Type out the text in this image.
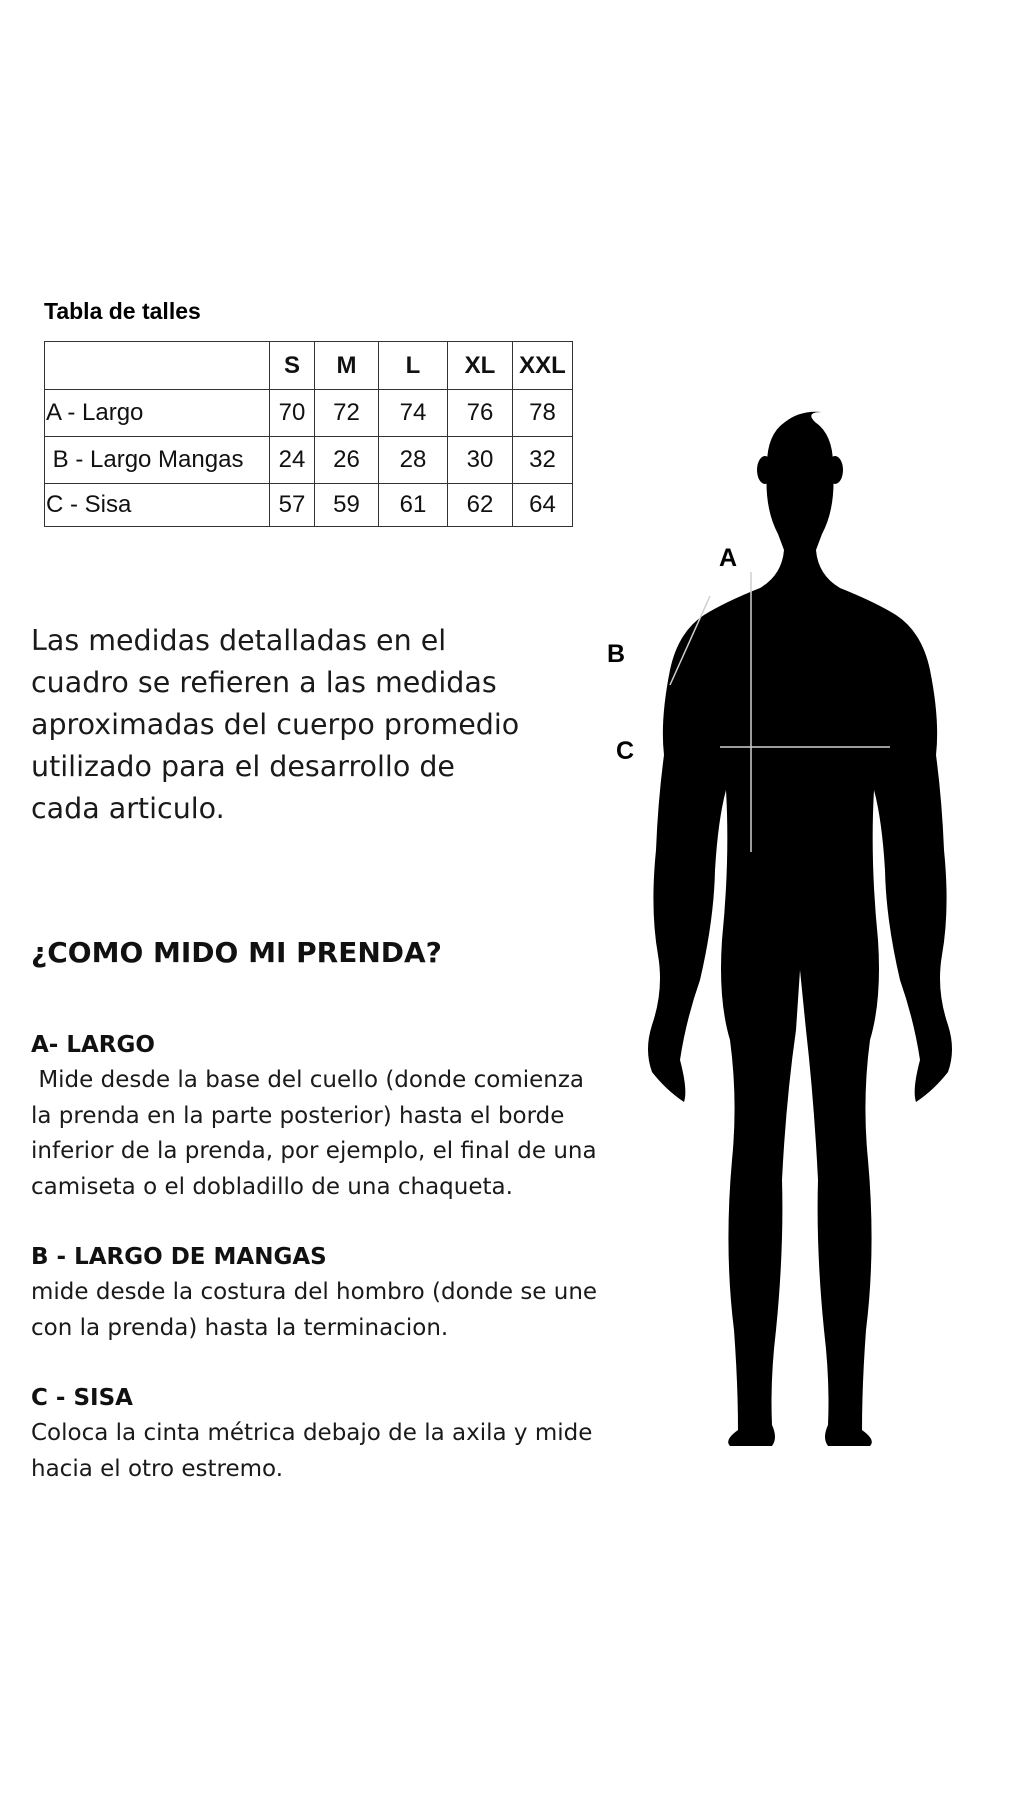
Tabla de talles
	S	M	L	XL	XXL
A - Largo	70	72	74	76	78
B - Largo Mangas	24	26	28	30	32
C - Sisa	57	59	61	62	64
Las medidas detalladas en el cuadro se refieren a las medidas aproximadas del cuerpo promedio utilizado para el desarrollo de cada articulo.
¿COMO MIDO MI PRENDA?
A- LARGO
Mide desde la base del cuello (donde comienza la prenda en la parte posterior) hasta el borde inferior de la prenda, por ejemplo, el final de una camiseta o el dobladillo de una chaqueta.
B - LARGO DE MANGAS
mide desde la costura del hombro (donde se une con la prenda) hasta la terminacion.
C - SISA
Coloca la cinta métrica debajo de la axila y mide hacia el otro estremo.
A
B
C
